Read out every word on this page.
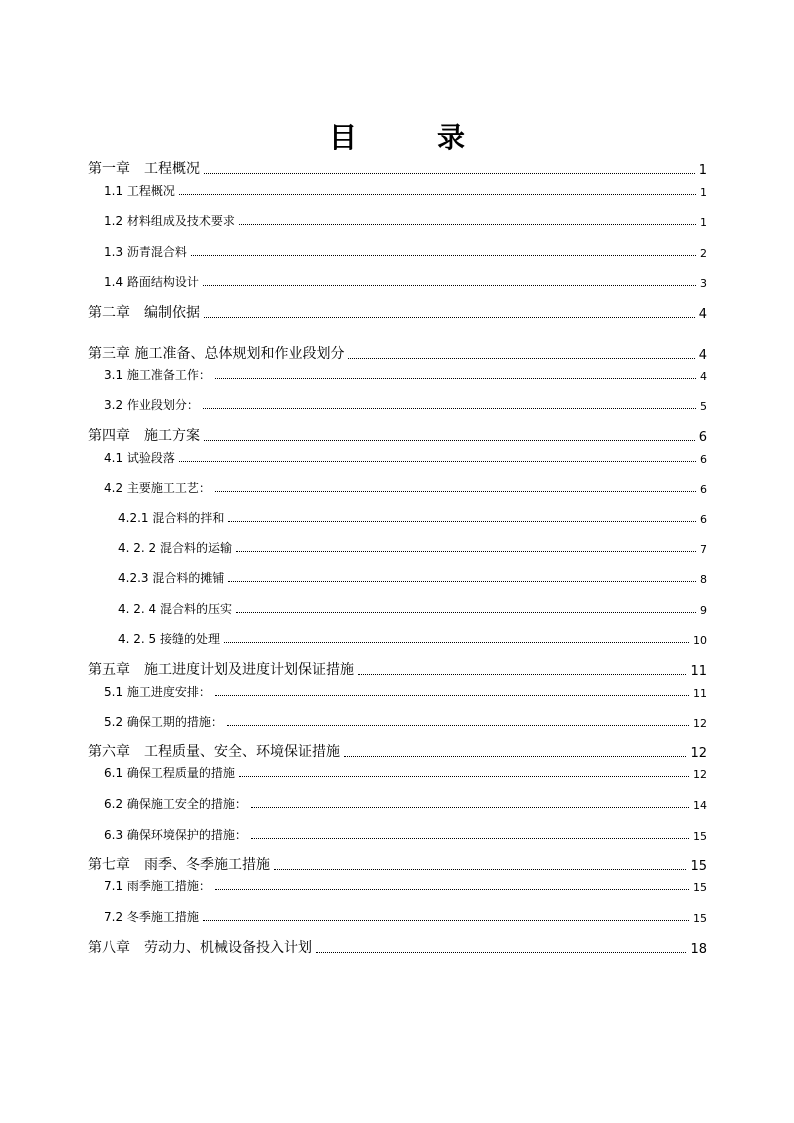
目　录
第一章　工程概况	1
1.1 工程概况	1
1.2 材料组成及技术要求	1
1.3 沥青混合料	2
1.4 路面结构设计	3
第二章　编制依据	4
第三章 施工准备、总体规划和作业段划分	4
3.1 施工准备工作：	4
3.2 作业段划分：	5
第四章　施工方案	6
4.1 试验段落	6
4.2 主要施工工艺：	6
4.2.1 混合料的拌和	6
4. 2. 2 混合料的运输	7
4.2.3 混合料的摊铺	8
4. 2. 4 混合料的压实	9
4. 2. 5 接缝的处理	10
第五章　施工进度计划及进度计划保证措施	11
5.1 施工进度安排：	11
5.2 确保工期的措施：	12
第六章　工程质量、安全、环境保证措施	12
6.1 确保工程质量的措施	12
6.2 确保施工安全的措施：	14
6.3 确保环境保护的措施：	15
第七章　雨季、冬季施工措施	15
7.1 雨季施工措施：	15
7.2 冬季施工措施	15
第八章　劳动力、机械设备投入计划	18
